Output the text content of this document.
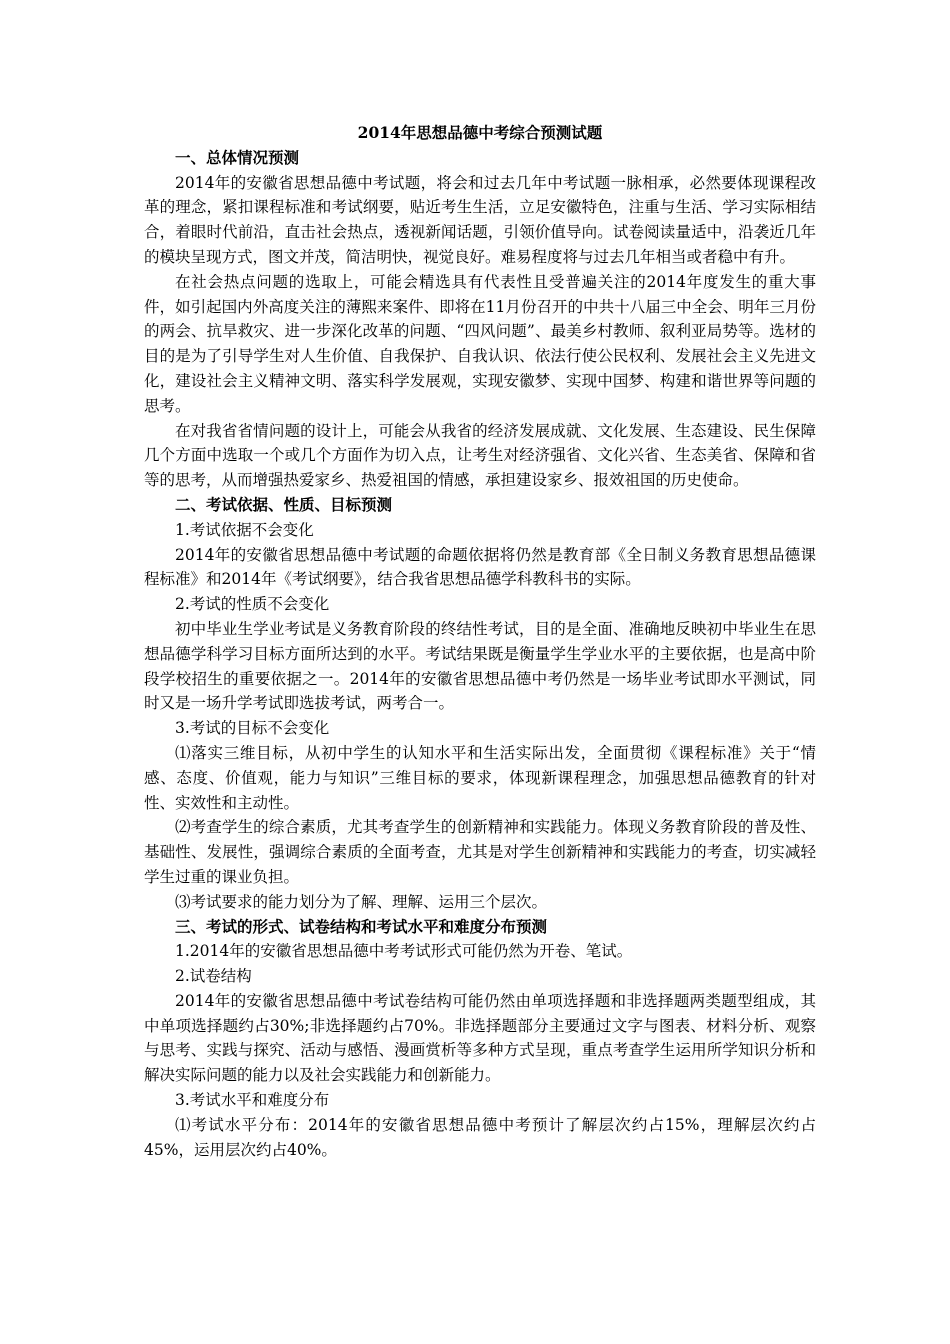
2014年思想品德中考综合预测试题

一、总体情况预测

2014年的安徽省思想品德中考试题，将会和过去几年中考试题一脉相承，必然要体现课程改革的理念，紧扣课程标准和考试纲要，贴近考生生活，立足安徽特色，注重与生活、学习实际相结合，着眼时代前沿，直击社会热点，透视新闻话题，引领价值导向。试卷阅读量适中，沿袭近几年的模块呈现方式，图文并茂，简洁明快，视觉良好。难易程度将与过去几年相当或者稳中有升。

在社会热点问题的选取上，可能会精选具有代表性且受普遍关注的2014年度发生的重大事件，如引起国内外高度关注的薄熙来案件、即将在11月份召开的中共十八届三中全会、明年三月份的两会、抗旱救灾、进一步深化改革的问题、“四风问题”、最美乡村教师、叙利亚局势等。选材的目的是为了引导学生对人生价值、自我保护、自我认识、依法行使公民权利、发展社会主义先进文化，建设社会主义精神文明、落实科学发展观，实现安徽梦、实现中国梦、构建和谐世界等问题的思考。

在对我省省情问题的设计上，可能会从我省的经济发展成就、文化发展、生态建设、民生保障几个方面中选取一个或几个方面作为切入点，让考生对经济强省、文化兴省、生态美省、保障和省等的思考，从而增强热爱家乡、热爱祖国的情感，承担建设家乡、报效祖国的历史使命。

二、考试依据、性质、目标预测

1.考试依据不会变化

2014年的安徽省思想品德中考试题的命题依据将仍然是教育部《全日制义务教育思想品德课程标准》和2014年《考试纲要》，结合我省思想品德学科教科书的实际。

2.考试的性质不会变化

初中毕业生学业考试是义务教育阶段的终结性考试，目的是全面、准确地反映初中毕业生在思想品德学科学习目标方面所达到的水平。考试结果既是衡量学生学业水平的主要依据，也是高中阶段学校招生的重要依据之一。2014年的安徽省思想品德中考仍然是一场毕业考试即水平测试，同时又是一场升学考试即选拔考试，两考合一。

3.考试的目标不会变化

⑴落实三维目标，从初中学生的认知水平和生活实际出发，全面贯彻《课程标准》关于“情感、态度、价值观，能力与知识”三维目标的要求，体现新课程理念，加强思想品德教育的针对性、实效性和主动性。

⑵考查学生的综合素质，尤其考查学生的创新精神和实践能力。体现义务教育阶段的普及性、基础性、发展性，强调综合素质的全面考查，尤其是对学生创新精神和实践能力的考查，切实减轻学生过重的课业负担。

⑶考试要求的能力划分为了解、理解、运用三个层次。

三、考试的形式、试卷结构和考试水平和难度分布预测

1.2014年的安徽省思想品德中考考试形式可能仍然为开卷、笔试。

2.试卷结构

2014年的安徽省思想品德中考试卷结构可能仍然由单项选择题和非选择题两类题型组成，其中单项选择题约占30%;非选择题约占70%。非选择题部分主要通过文字与图表、材料分析、观察与思考、实践与探究、活动与感悟、漫画赏析等多种方式呈现，重点考查学生运用所学知识分析和解决实际问题的能力以及社会实践能力和创新能力。

3.考试水平和难度分布

⑴考试水平分布：2014年的安徽省思想品德中考预计了解层次约占15%，理解层次约占45%，运用层次约占40%。
